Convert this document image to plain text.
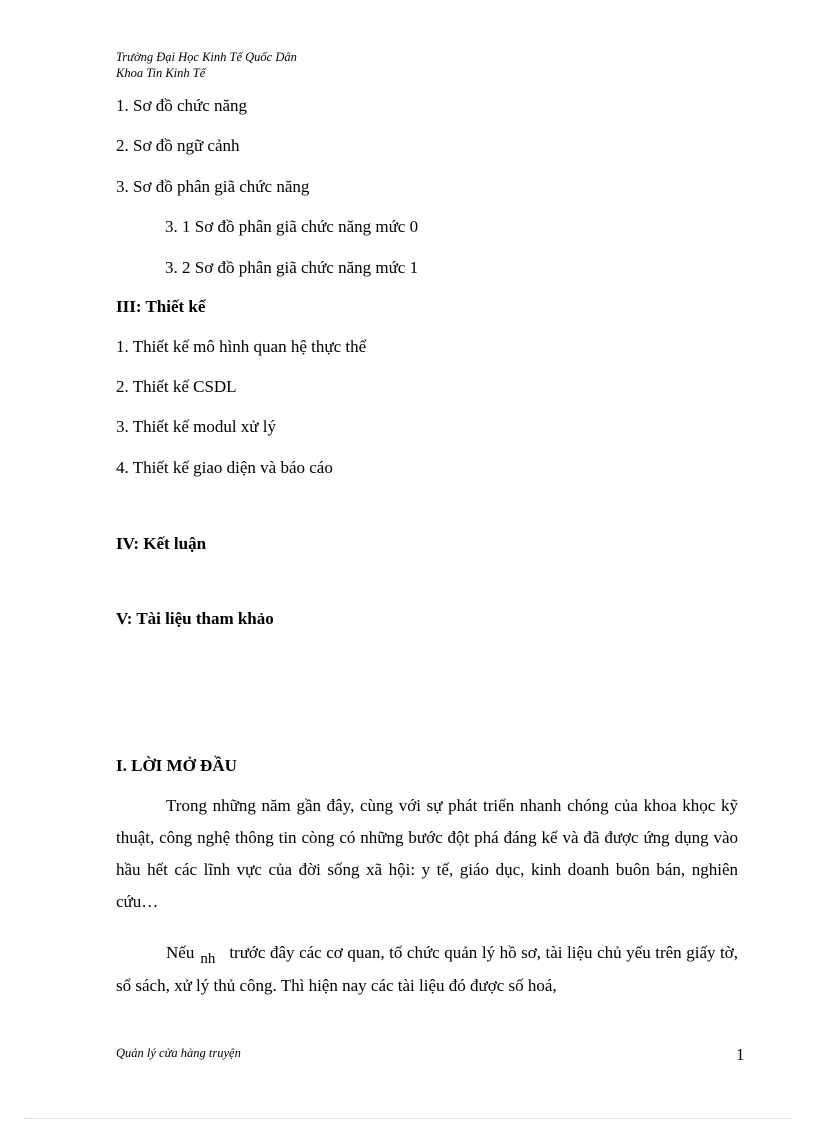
Trường Đại Học Kinh Tế Quốc Dân
Khoa Tin Kinh Tế
1. Sơ đồ chức năng
2. Sơ đồ ngữ cảnh
3. Sơ đồ phân giã chức năng
3. 1 Sơ đồ phân giã chức năng mức 0
3. 2 Sơ đồ phân giã chức năng mức 1
III: Thiết kế
1. Thiết kế mô hình quan hệ thực thể
2. Thiết kế CSDL
3. Thiết kế modul xử lý
4. Thiết kế giao diện và báo cáo
IV: Kết luận
V: Tài liệu tham khảo
I. LỜI MỞ ĐẦU
Trong những năm gần đây, cùng với sự phát triển nhanh chóng của khoa khọc kỹ thuật, công nghệ thông tin còng có những bước đột phá đáng kể và đã được ứng dụng vào hầu hết các lĩnh vực của đời sống xã hội: y tế, giáo dục, kinh doanh buôn bán, nghiên cứu…
Nếu nh trước đây các cơ quan, tổ chức quản lý hồ sơ, tài liệu chủ yếu trên giấy tờ, sổ sách, xử lý thủ công. Thì hiện nay các tài liệu đó được số hoá,
Quản lý cửa hàng truyện	1
